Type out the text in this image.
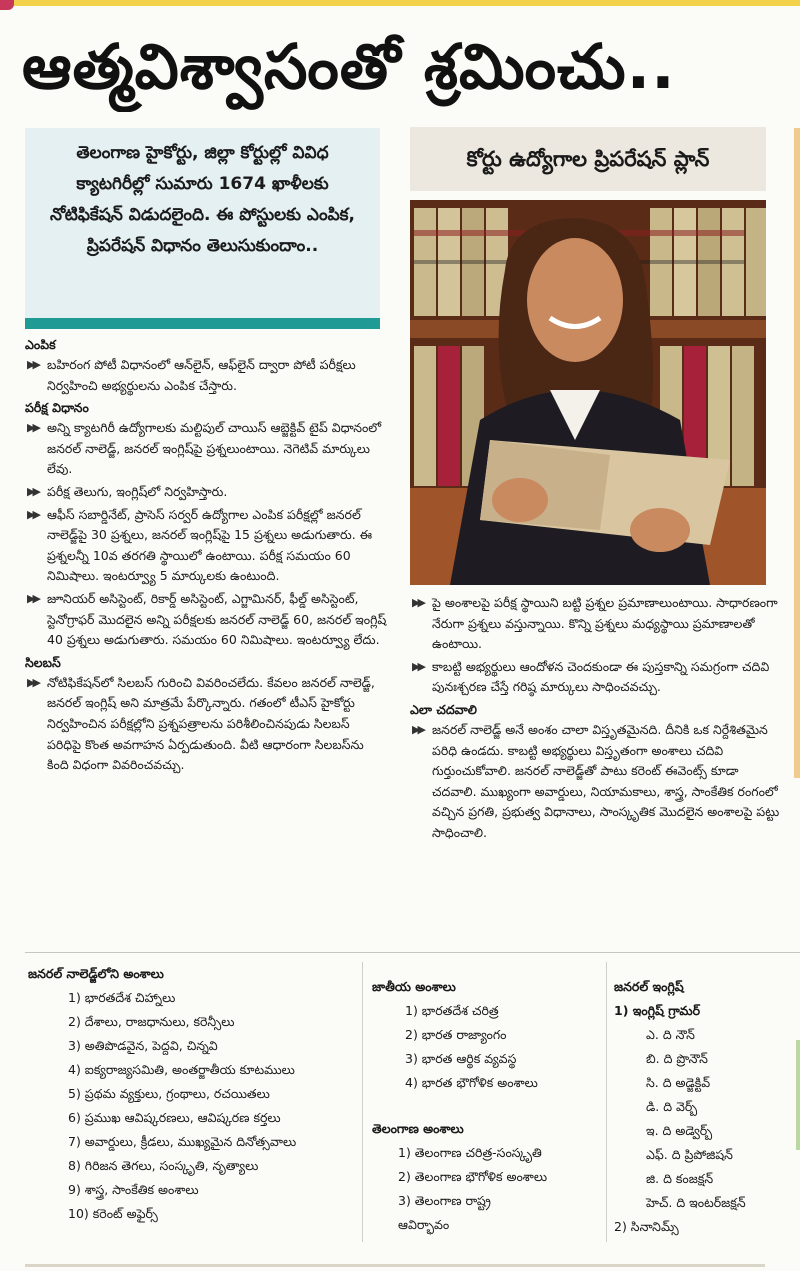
ఆత్మవిశ్వాసంతో శ్రమించు..
తెలంగాణ హైకోర్టు, జిల్లా కోర్టుల్లో వివిధ క్యాటగిరీల్లో సుమారు 1674 ఖాళీలకు నోటిఫికేషన్ విడుదలైంది. ఈ పోస్టులకు ఎంపిక, ప్రిపరేషన్ విధానం తెలుసుకుందాం..
కోర్టు ఉద్యోగాల ప్రిపరేషన్ ప్లాన్

ఎంపిక

▶▶ బహిరంగ పోటీ విధానంలో ఆన్‌లైన్, ఆఫ్‌లైన్ ద్వారా పోటీ పరీక్షలు నిర్వహించి అభ్యర్థులను ఎంపిక చేస్తారు.

పరీక్ష విధానం

▶▶ అన్ని క్యాటగిరీ ఉద్యోగాలకు మల్టిపుల్ చాయిస్ ఆబ్జెక్టివ్ టైప్ విధానంలో జనరల్ నాలెడ్జ్, జనరల్ ఇంగ్లిష్‌పై ప్రశ్నలుంటాయి. నెగెటివ్ మార్కులు లేవు.

▶▶ పరీక్ష తెలుగు, ఇంగ్లిష్‌లో నిర్వహిస్తారు.

▶▶ ఆఫీస్ సబార్డినేట్, ప్రాసెస్ సర్వర్ ఉద్యోగాల ఎంపిక పరీక్షల్లో జనరల్ నాలెడ్జ్‌పై 30 ప్రశ్నలు, జనరల్ ఇంగ్లిష్‌పై 15 ప్రశ్నలు అడుగుతారు. ఈ ప్రశ్నలన్నీ 10వ తరగతి స్థాయిలో ఉంటాయి. పరీక్ష సమయం 60 నిమిషాలు. ఇంటర్వ్యూ 5 మార్కులకు ఉంటుంది.

▶▶ జూనియర్ అసిస్టెంట్, రికార్డ్ అసిస్టెంట్, ఎగ్జామినర్, ఫీల్డ్ అసిస్టెంట్, స్టెనోగ్రాఫర్ మొదలైన అన్ని పరీక్షలకు జనరల్ నాలెడ్జ్ 60, జనరల్ ఇంగ్లిష్ 40 ప్రశ్నలు అడుగుతారు. సమయం 60 నిమిషాలు. ఇంటర్వ్యూ లేదు.

సిలబస్

▶▶ నోటిఫికేషన్‌లో సిలబస్ గురించి వివరించలేదు. కేవలం జనరల్ నాలెడ్జ్, జనరల్ ఇంగ్లిష్ అని మాత్రమే పేర్కొన్నారు. గతంలో టీఎస్ హైకోర్టు నిర్వహించిన పరీక్షల్లోని ప్రశ్నపత్రాలను పరిశీలించినపుడు సిలబస్ పరిధిపై కొంత అవగాహన ఏర్పడుతుంది. వీటి ఆధారంగా సిలబస్‌ను కింది విధంగా వివరించవచ్చు.

▶▶ పై అంశాలపై పరీక్ష స్థాయిని బట్టి ప్రశ్నల ప్రమాణాలుంటాయి. సాధారణంగా నేరుగా ప్రశ్నలు వస్తున్నాయి. కొన్ని ప్రశ్నలు మధ్యస్థాయి ప్రమాణాలతో ఉంటాయి.

▶▶ కాబట్టి అభ్యర్థులు ఆందోళన చెందకుండా ఈ పుస్తకాన్ని సమగ్రంగా చదివి పునఃశ్చరణ చేస్తే గరిష్ఠ మార్కులు సాధించవచ్చు.

ఎలా చదవాలి

▶▶ జనరల్ నాలెడ్జ్ అనే అంశం చాలా విస్తృతమైనది. దీనికి ఒక నిర్దేశితమైన పరిధి ఉండదు. కాబట్టి అభ్యర్థులు విస్తృతంగా అంశాలు చదివి గుర్తుంచుకోవాలి. జనరల్ నాలెడ్జ్‌తో పాటు కరెంట్ ఈవెంట్స్ కూడా చదవాలి. ముఖ్యంగా అవార్డులు, నియామకాలు, శాస్త్ర, సాంకేతిక రంగంలో వచ్చిన ప్రగతి, ప్రభుత్వ విధానాలు, సాంస్కృతిక మొదలైన అంశాలపై పట్టు సాధించాలి.

జనరల్ నాలెడ్జ్‌లోని అంశాలు
1) భారతదేశ చిహ్నాలు
2) దేశాలు, రాజధానులు, కరెన్సీలు
3) అతిపొడవైన, పెద్దవి, చిన్నవి
4) ఐక్యరాజ్యసమితి, అంతర్జాతీయ కూటములు
5) ప్రథమ వ్యక్తులు, గ్రంథాలు, రచయితలు
6) ప్రముఖ ఆవిష్కరణలు, ఆవిష్కరణ కర్తలు
7) అవార్డులు, క్రీడలు, ముఖ్యమైన దినోత్సవాలు
8) గిరిజన తెగలు, సంస్కృతి, నృత్యాలు
9) శాస్త్ర, సాంకేతిక అంశాలు
10) కరెంట్ అఫైర్స్
జాతీయ అంశాలు
1) భారతదేశ చరిత్ర
2) భారత రాజ్యాంగం
3) భారత ఆర్థిక వ్యవస్థ
4) భారత భౌగోళిక అంశాలు
తెలంగాణ అంశాలు
1) తెలంగాణ చరిత్ర-సంస్కృతి
2) తెలంగాణ భౌగోళిక అంశాలు
3) తెలంగాణ రాష్ట్ర
ఆవిర్భావం
జనరల్ ఇంగ్లిష్
1) ఇంగ్లిష్ గ్రామర్
ఎ. ది నౌన్
బి. ది ప్రొనౌన్
సి. ది అడ్జెక్టివ్
డి. ది వెర్బ్
ఇ. ది అడ్వెర్బ్
ఎఫ్. ది ప్రిపోజిషన్
జి. ది కంజక్షన్
హెచ్. ది ఇంటర్‌జక్షన్
2) సినానిమ్స్
